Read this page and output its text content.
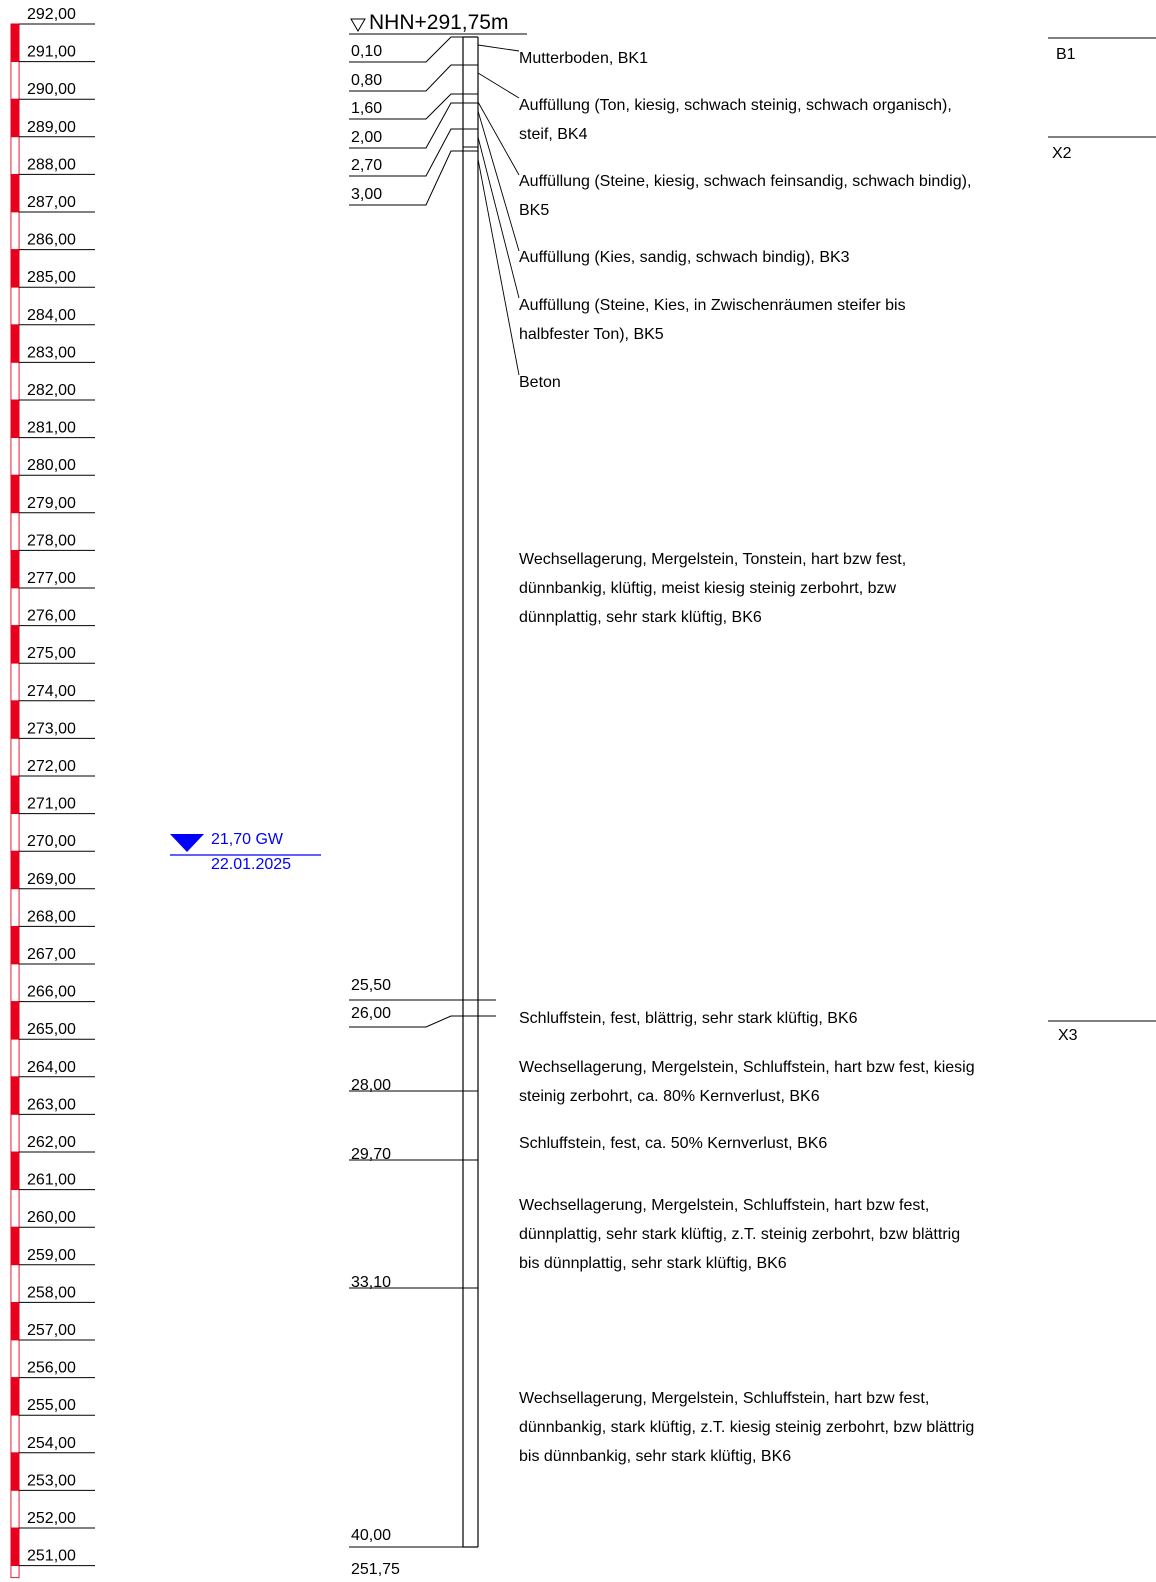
292,00
291,00
290,00
289,00
288,00
287,00
286,00
285,00
284,00
283,00
282,00
281,00
280,00
279,00
278,00
277,00
276,00
275,00
274,00
273,00
272,00
271,00
270,00
269,00
268,00
267,00
266,00
265,00
264,00
263,00
262,00
261,00
260,00
259,00
258,00
257,00
256,00
255,00
254,00
253,00
252,00
251,00
21,70 GW
22.01.2025
NHN+291,75m
0,10
0,80
1,60
2,00
2,70
3,00
25,50
26,00
28,00
29,70
33,10
40,00
Mutterboden, BK1
Auffüllung (Ton, kiesig, schwach steinig, schwach organisch),
steif, BK4
Auffüllung (Steine, kiesig, schwach feinsandig, schwach bindig),
BK5
Auffüllung (Kies, sandig, schwach bindig), BK3
Auffüllung (Steine, Kies, in Zwischenräumen steifer bis
halbfester Ton), BK5
Beton
Wechsellagerung, Mergelstein, Tonstein, hart bzw fest,
dünnbankig, klüftig, meist kiesig steinig zerbohrt, bzw
dünnplattig, sehr stark klüftig, BK6
Schluffstein, fest, blättrig, sehr stark klüftig, BK6
Wechsellagerung, Mergelstein, Schluffstein, hart bzw fest, kiesig
steinig zerbohrt, ca. 80% Kernverlust, BK6
Schluffstein, fest, ca. 50% Kernverlust, BK6
Wechsellagerung, Mergelstein, Schluffstein, hart bzw fest,
dünnplattig, sehr stark klüftig, z.T. steinig zerbohrt, bzw blättrig
bis dünnplattig, sehr stark klüftig, BK6
Wechsellagerung, Mergelstein, Schluffstein, hart bzw fest,
dünnbankig, stark klüftig, z.T. kiesig steinig zerbohrt, bzw blättrig
bis dünnbankig, sehr stark klüftig, BK6
B1
X2
X3
251,75
